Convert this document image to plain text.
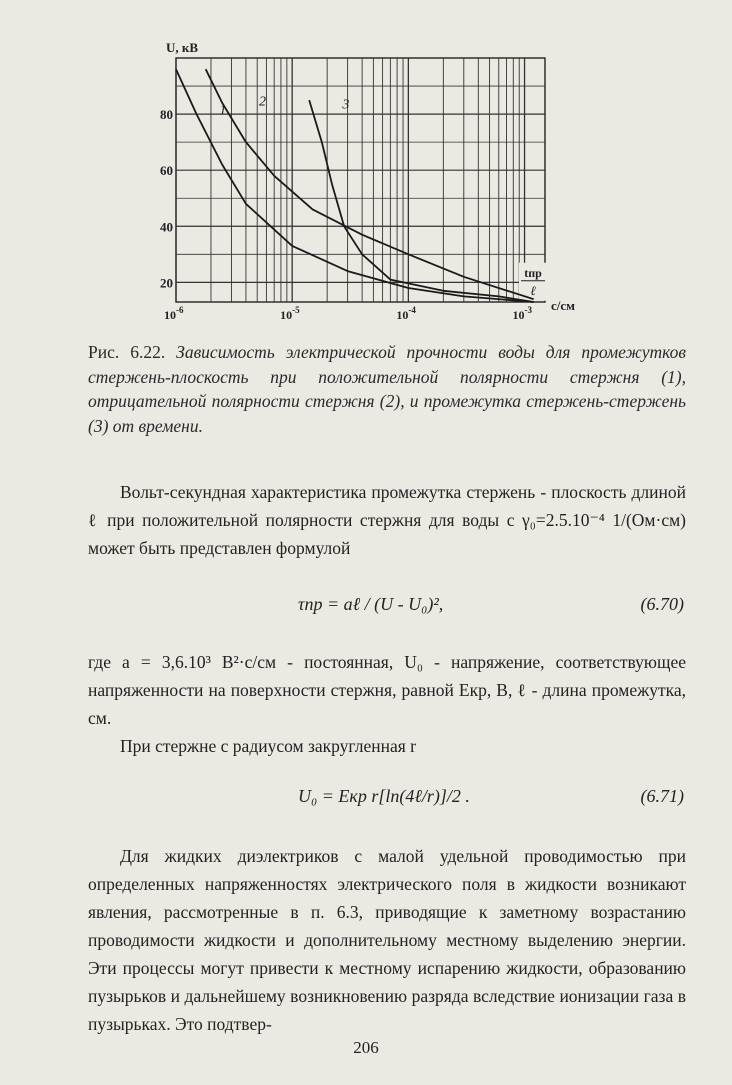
80
60
40
20
$10^{-6}$	$10^{-5}$	$10^{-4}$	$10^{-3}$
U, кВ
с/см
tпр
ℓ
1
2	3
Рис. 6.22. Зависимость электрической прочности воды для промежутков стержень-плоскость при положительной полярности стержня (1), отрицательной полярности стержня (2), и промежутка стержень-стержень (3) от времени.
Вольт-секундная характеристика промежутка стержень - плоскость длиной ℓ при положительной полярности стержня для воды с γ₀=2.5.10⁻⁴ 1/(Ом·см) может быть представлен формулой
τпр = aℓ / (U - U₀)²,	(6.70)
где a = 3,6.10³ В²·с/см - постоянная, U₀ - напряжение, соответствующее напряженности на поверхности стержня, равной Eкр, В, ℓ - длина промежутка, см.
При стержне с радиусом закругленная r
U₀ = Eкр r[ln(4ℓ/r)]/2 .	(6.71)
Для жидких диэлектриков с малой удельной проводимостью при определенных напряженностях электрического поля в жидкости возникают явления, рассмотренные в п. 6.3, приводящие к заметному возрастанию проводимости жидкости и дополнительному местному выделению энергии. Эти процессы могут привести к местному испарению жидкости, образованию пузырьков и дальнейшему возникновению разряда вследствие ионизации газа в пузырьках. Это подтвер-
206
